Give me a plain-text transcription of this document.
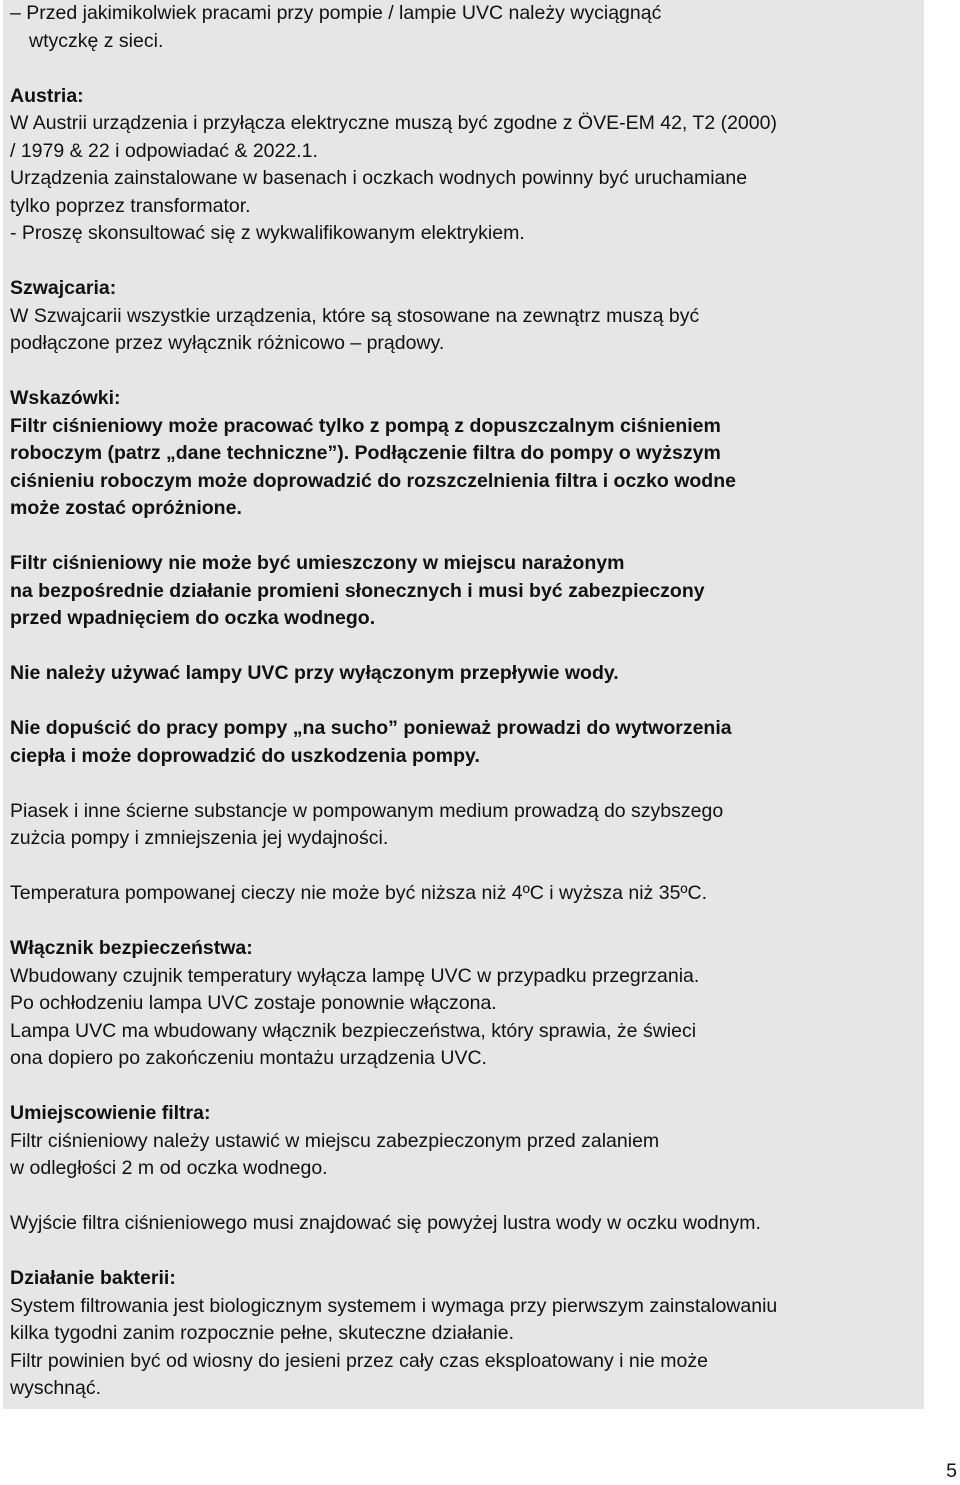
– Przed jakimikolwiek pracami przy pompie / lampie UVC należy wyciągnąć
wtyczkę z sieci.
Austria:
W Austrii urządzenia i przyłącza elektryczne muszą być zgodne z ÖVE-EM 42, T2 (2000)
/ 1979 & 22 i odpowiadać & 2022.1.
Urządzenia zainstalowane w basenach i oczkach wodnych powinny być uruchamiane
tylko poprzez transformator.
- Proszę skonsultować się z wykwalifikowanym elektrykiem.
Szwajcaria:
W Szwajcarii wszystkie urządzenia, które są stosowane na zewnątrz muszą być
podłączone przez wyłącznik różnicowo – prądowy.
Wskazówki:
Filtr ciśnieniowy może pracować tylko z pompą z dopuszczalnym ciśnieniem
roboczym (patrz „dane techniczne”). Podłączenie filtra do pompy o wyższym
ciśnieniu roboczym może doprowadzić do rozszczelnienia filtra i oczko wodne
może zostać opróżnione.
Filtr ciśnieniowy nie może być umieszczony w miejscu narażonym
na bezpośrednie działanie promieni słonecznych i musi być zabezpieczony
przed wpadnięciem do oczka wodnego.
Nie należy używać lampy UVC przy wyłączonym przepływie wody.
Nie dopuścić do pracy pompy „na sucho” ponieważ prowadzi do wytworzenia
ciepła i może doprowadzić do uszkodzenia pompy.
Piasek i inne ścierne substancje w pompowanym medium prowadzą do szybszego
zużcia pompy i zmniejszenia jej wydajności.
Temperatura pompowanej cieczy nie może być niższa niż 4ºC i wyższa niż 35ºC.
Włącznik bezpieczeństwa:
Wbudowany czujnik temperatury wyłącza lampę UVC w przypadku przegrzania.
Po ochłodzeniu lampa UVC zostaje ponownie włączona.
Lampa UVC ma wbudowany włącznik bezpieczeństwa, który sprawia, że świeci
ona dopiero po zakończeniu montażu urządzenia UVC.
Umiejscowienie filtra:
Filtr ciśnieniowy należy ustawić w miejscu zabezpieczonym przed zalaniem
w odległości 2 m od oczka wodnego.
Wyjście filtra ciśnieniowego musi znajdować się powyżej lustra wody w oczku wodnym.
Działanie bakterii:
System filtrowania jest biologicznym systemem i wymaga przy pierwszym zainstalowaniu
kilka tygodni zanim rozpocznie pełne, skuteczne działanie.
Filtr powinien być od wiosny do jesieni przez cały czas eksploatowany i nie może
wyschnąć.
5
